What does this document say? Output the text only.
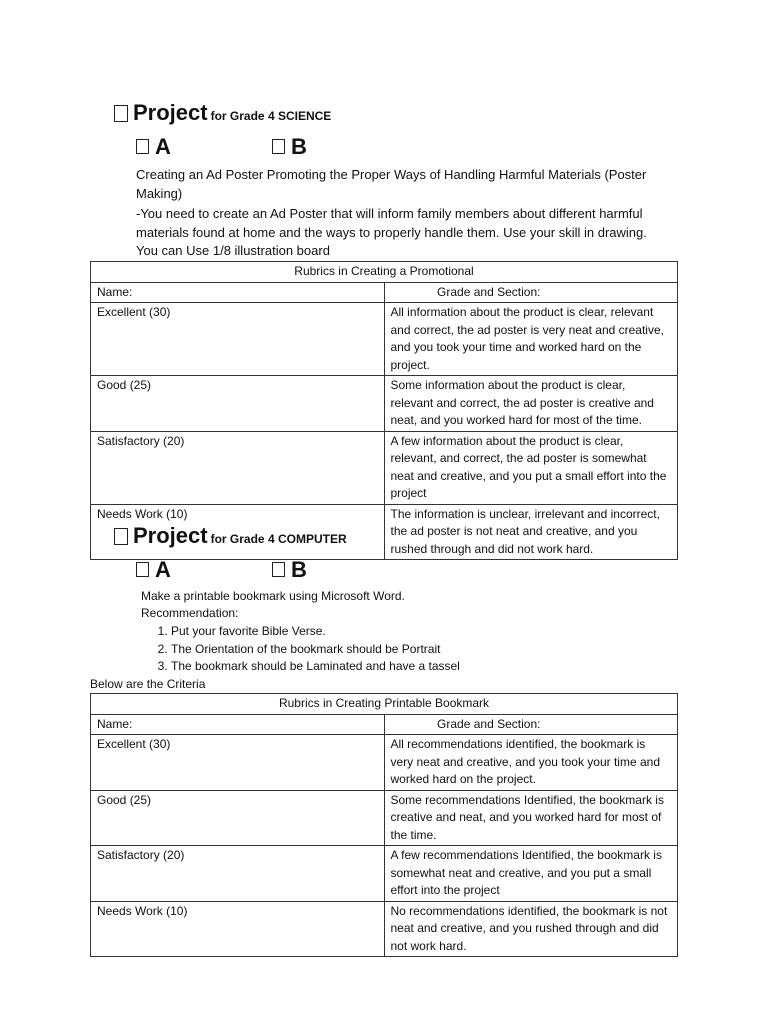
Project for Grade 4 SCIENCE
A	B
Creating an Ad Poster Promoting the Proper Ways of Handling Harmful Materials (Poster Making)
-You need to create an Ad Poster that will inform family members about different harmful materials found at home and the ways to properly handle them. Use your skill in drawing. You can Use 1/8 illustration board
Rubrics in Creating a Promotional	
Name:	Grade and Section:
Excellent (30)	All information about the product is clear, relevant and correct, the ad poster is very neat and creative, and you took your time and worked hard on the project.
Good (25)	Some information about the product is clear, relevant and correct, the ad poster is creative and neat, and you worked hard for most of the time.
Satisfactory (20)	A few information about the product is clear, relevant, and correct, the ad poster is somewhat neat and creative, and you put a small effort into the project
Needs Work (10)	The information is unclear, irrelevant and incorrect, the ad poster is not neat and creative, and you rushed through and did not work hard.
Project for Grade 4 COMPUTER
A	B
Make a printable bookmark using Microsoft Word.
Recommendation:
1. Put your favorite Bible Verse.
2. The Orientation of the bookmark should be Portrait
3. The bookmark should be Laminated and have a tassel
Below are the Criteria
Rubrics in Creating Printable Bookmark	
Name:	Grade and Section:
Excellent (30)	All recommendations identified, the bookmark is very neat and creative, and you took your time and worked hard on the project.
Good (25)	Some recommendations Identified, the bookmark is creative and neat, and you worked hard for most of the time.
Satisfactory (20)	A few recommendations Identified, the bookmark is somewhat neat and creative, and you put a small effort into the project
Needs Work (10)	No recommendations identified, the bookmark is not neat and creative, and you rushed through and did not work hard.
